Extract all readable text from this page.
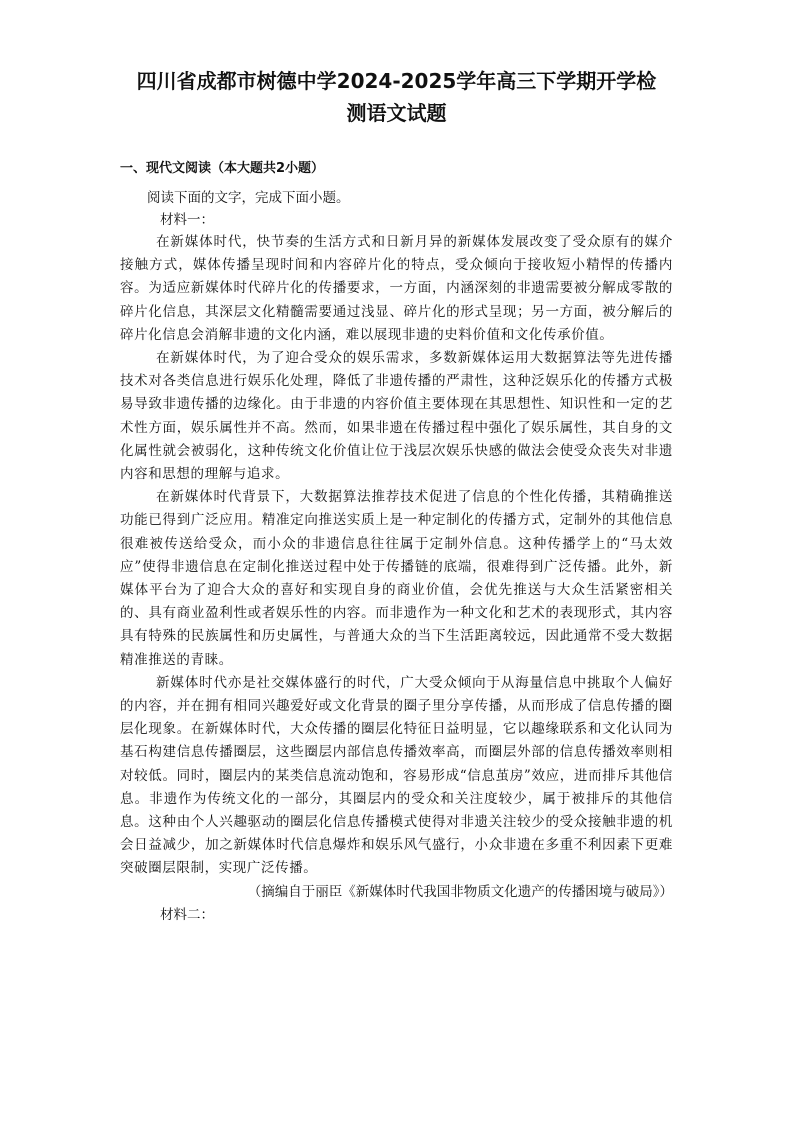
四川省成都市树德中学2024-2025学年高三下学期开学检
测语文试题
一、现代文阅读（本大题共2小题）
阅读下面的文字，完成下面小题。
材料一：

在新媒体时代，快节奏的生活方式和日新月异的新媒体发展改变了受众原有的媒介接触方式，媒体传播呈现时间和内容碎片化的特点，受众倾向于接收短小精悍的传播内容。为适应新媒体时代碎片化的传播要求，一方面，内涵深刻的非遗需要被分解成零散的碎片化信息，其深层文化精髓需要通过浅显、碎片化的形式呈现；另一方面，被分解后的碎片化信息会消解非遗的文化内涵，难以展现非遗的史料价值和文化传承价值。

在新媒体时代，为了迎合受众的娱乐需求，多数新媒体运用大数据算法等先进传播技术对各类信息进行娱乐化处理，降低了非遗传播的严肃性，这种泛娱乐化的传播方式极易导致非遗传播的边缘化。由于非遗的内容价值主要体现在其思想性、知识性和一定的艺术性方面，娱乐属性并不高。然而，如果非遗在传播过程中强化了娱乐属性，其自身的文化属性就会被弱化，这种传统文化价值让位于浅层次娱乐快感的做法会使受众丧失对非遗内容和思想的理解与追求。

在新媒体时代背景下，大数据算法推荐技术促进了信息的个性化传播，其精确推送功能已得到广泛应用。精准定向推送实质上是一种定制化的传播方式，定制外的其他信息很难被传送给受众，而小众的非遗信息往往属于定制外信息。这种传播学上的“马太效应”使得非遗信息在定制化推送过程中处于传播链的底端，很难得到广泛传播。此外，新媒体平台为了迎合大众的喜好和实现自身的商业价值，会优先推送与大众生活紧密相关的、具有商业盈利性或者娱乐性的内容。而非遗作为一种文化和艺术的表现形式，其内容具有特殊的民族属性和历史属性，与普通大众的当下生活距离较远，因此通常不受大数据精准推送的青睐。

新媒体时代亦是社交媒体盛行的时代，广大受众倾向于从海量信息中挑取个人偏好的内容，并在拥有相同兴趣爱好或文化背景的圈子里分享传播，从而形成了信息传播的圈层化现象。在新媒体时代，大众传播的圈层化特征日益明显，它以趣缘联系和文化认同为基石构建信息传播圈层，这些圈层内部信息传播效率高，而圈层外部的信息传播效率则相对较低。同时，圈层内的某类信息流动饱和，容易形成“信息茧房”效应，进而排斥其他信息。非遗作为传统文化的一部分，其圈层内的受众和关注度较少，属于被排斥的其他信息。这种由个人兴趣驱动的圈层化信息传播模式使得对非遗关注较少的受众接触非遗的机会日益减少，加之新媒体时代信息爆炸和娱乐风气盛行，小众非遗在多重不利因素下更难突破圈层限制，实现广泛传播。

（摘编自于丽臣《新媒体时代我国非物质文化遗产的传播困境与破局》）
材料二：
